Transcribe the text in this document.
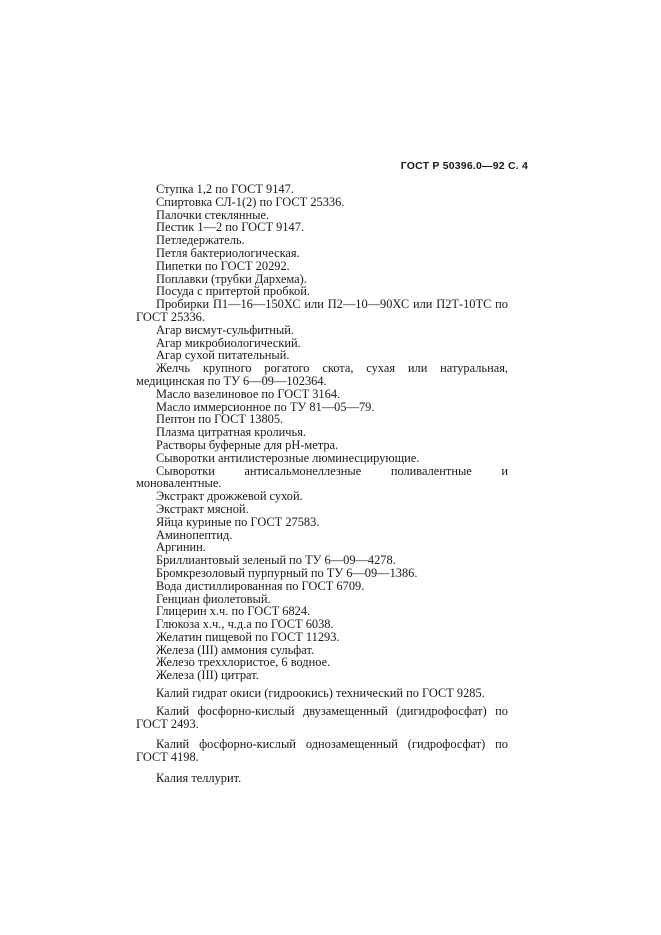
ГОСТ Р 50396.0—92 С. 4

Ступка 1,2 по ГОСТ 9147.

Спиртовка СЛ-1(2) по ГОСТ 25336.

Палочки стеклянные.

Пестик 1—2 по ГОСТ 9147.

Петледержатель.

Петля бактериологическая.

Пипетки по ГОСТ 20292.

Поплавки (трубки Дархема).

Посуда с притертой пробкой.

Пробирки П1—16—150ХС или П2—10—90ХС или П2Т-10ТС по ГОСТ 25336.

Агар висмут-сульфитный.

Агар микробиологический.

Агар сухой питательный.

Желчь крупного рогатого скота, сухая или натуральная, медицинская по ТУ 6—09—102364.

Масло вазелиновое по ГОСТ 3164.

Масло иммерсионное по ТУ 81—05—79.

Пептон по ГОСТ 13805.

Плазма цитратная кроличья.

Растворы буферные для pH-метра.

Сыворотки антилистерозные люминесцирующие.

Сыворотки антисальмонеллезные поливалентные и моновалентные.

Экстракт дрожжевой сухой.

Экстракт мясной.

Яйца куриные по ГОСТ 27583.

Аминопептид.

Аргинин.

Бриллиантовый зеленый по ТУ 6—09—4278.

Бромкрезоловый пурпурный по ТУ 6—09—1386.

Вода дистиллированная по ГОСТ 6709.

Генциан фиолетовый.

Глицерин х.ч. по ГОСТ 6824.

Глюкоза х.ч., ч.д.а по ГОСТ 6038.

Желатин пищевой по ГОСТ 11293.

Железа (III) аммония сульфат.

Железо треххлористое, 6 водное.

Железа (III) цитрат.

Калий гидрат окиси (гидроокись) технический по ГОСТ 9285.

Калий фосфорно-кислый двузамещенный (дигидрофосфат) по ГОСТ 2493.

Калий фосфорно-кислый однозамещенный (гидрофосфат) по ГОСТ 4198.

Калия теллурит.
